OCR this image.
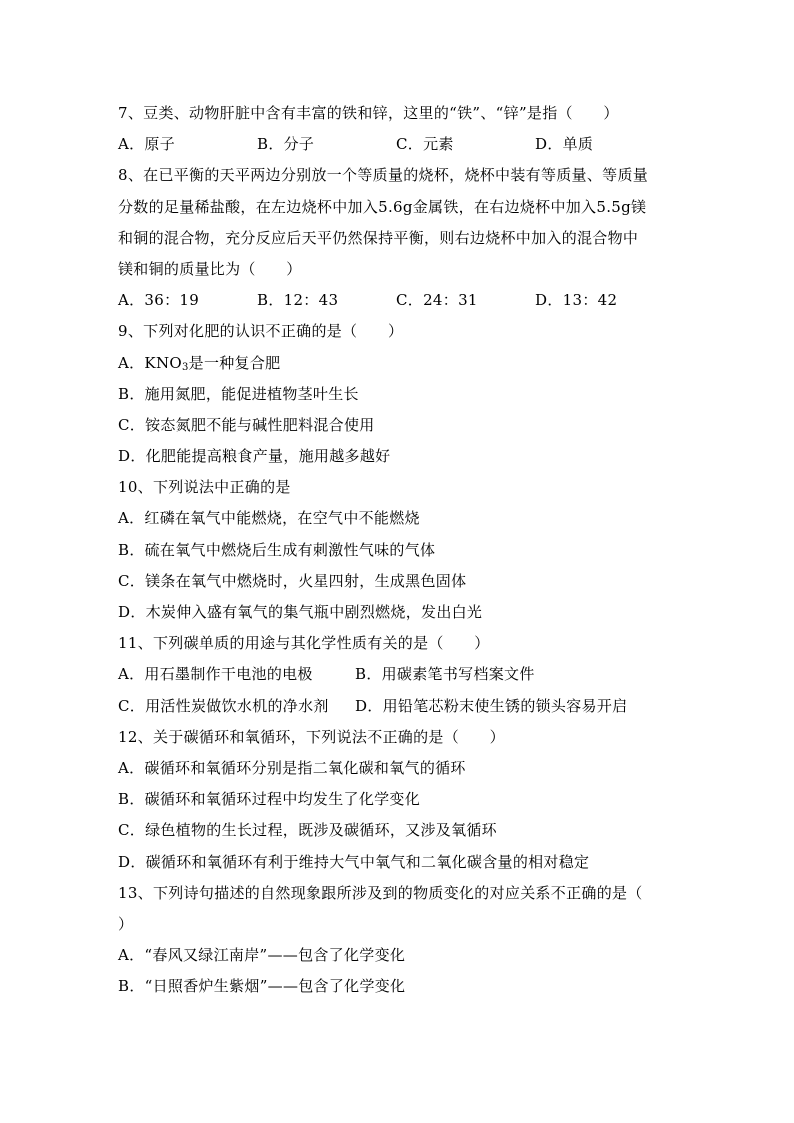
7、豆类、动物肝脏中含有丰富的铁和锌，这里的“铁”、“锌”是指（　　）
A．原子	B．分子	C．元素	D．单质
8、在已平衡的天平两边分别放一个等质量的烧杯，烧杯中装有等质量、等质量
分数的足量稀盐酸，在左边烧杯中加入5.6g金属铁，在右边烧杯中加入5.5g镁
和铜的混合物，充分反应后天平仍然保持平衡，则右边烧杯中加入的混合物中
镁和铜的质量比为（　　）
A．36：19	B．12：43	C．24：31	D．13：42
9、下列对化肥的认识不正确的是（　　）
A．$KNO_3$是一种复合肥
B．施用氮肥，能促进植物茎叶生长
C．铵态氮肥不能与碱性肥料混合使用
D．化肥能提高粮食产量，施用越多越好
10、下列说法中正确的是
A．红磷在氧气中能燃烧，在空气中不能燃烧
B．硫在氧气中燃烧后生成有刺激性气味的气体
C．镁条在氧气中燃烧时，火星四射，生成黑色固体
D．木炭伸入盛有氧气的集气瓶中剧烈燃烧，发出白光
11、下列碳单质的用途与其化学性质有关的是（　　）
A．用石墨制作干电池的电极	B．用碳素笔书写档案文件
C．用活性炭做饮水机的净水剂	D．用铅笔芯粉末使生锈的锁头容易开启
12、关于碳循环和氧循环，下列说法不正确的是（　　）
A．碳循环和氧循环分别是指二氧化碳和氧气的循环
B．碳循环和氧循环过程中均发生了化学变化
C．绿色植物的生长过程，既涉及碳循环，又涉及氧循环
D．碳循环和氧循环有利于维持大气中氧气和二氧化碳含量的相对稳定
13、下列诗句描述的自然现象跟所涉及到的物质变化的对应关系不正确的是（
）
A．“春风又绿江南岸”——包含了化学变化
B．“日照香炉生紫烟”——包含了化学变化
